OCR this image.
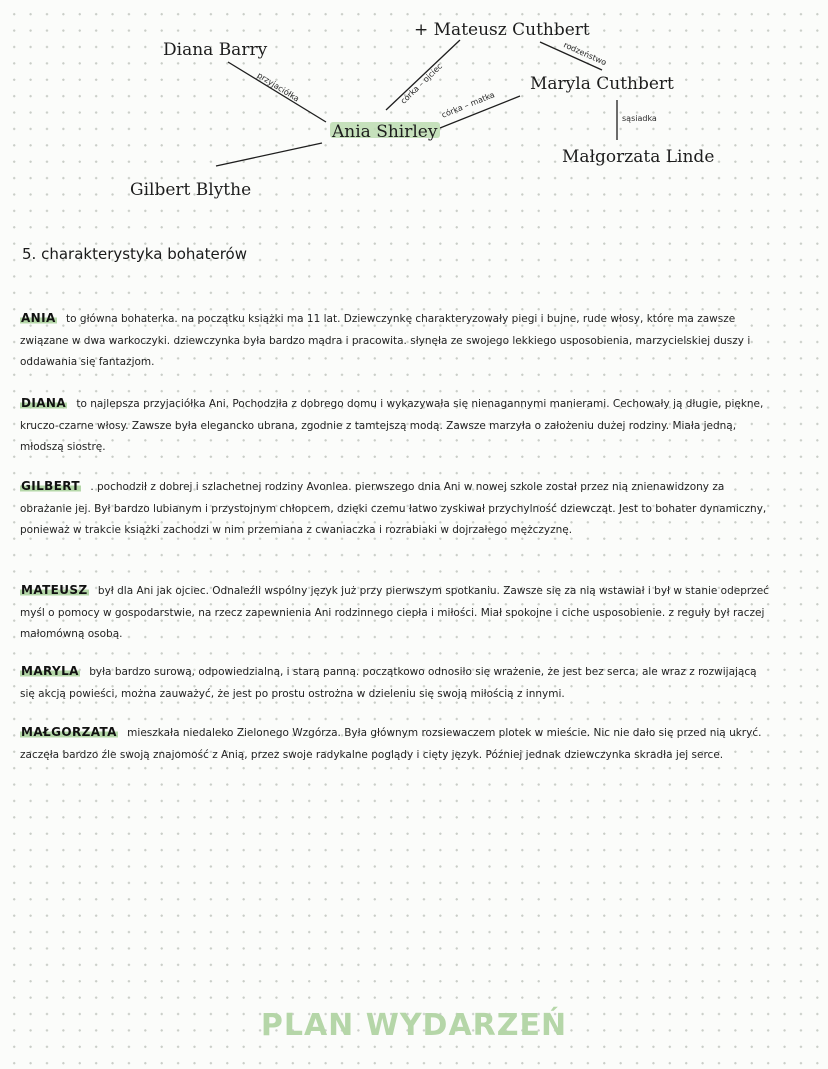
Diana Barry
+ Mateusz Cuthbert
Maryla Cuthbert
Ania Shirley
Małgorzata Linde
Gilbert Blythe
przyjaciółka	córka – ojciec
córka – matka
rodzeństwo
sąsiadka
5. charakterystyka bohaterów
ANIA to główna bohaterka. na początku książki ma 11 lat. Dziewczynkę charakteryzowały piegi i bujne, rude włosy, które ma zawsze związane w dwa warkoczyki. dziewczynka była bardzo mądra i pracowita. słynęła ze swojego lekkiego usposobienia, marzycielskiej duszy i oddawania się fantazjom.
DIANA to najlepsza przyjaciółka Ani. Pochodziła z dobrego domu i wykazywała się nienagannymi manierami. Cechowały ją długie, piękne, kruczo-czarne włosy. Zawsze była elegancko ubrana, zgodnie z tamtejszą modą. Zawsze marzyła o założeniu dużej rodziny. Miała jedną, młodszą siostrę.
GILBERT . pochodził z dobrej i szlachetnej rodziny Avonlea. pierwszego dnia Ani w nowej szkole został przez nią znienawidzony za obrażanie jej. Był bardzo lubianym i przystojnym chłopcem, dzięki czemu łatwo zyskiwał przychylność dziewcząt. Jest to bohater dynamiczny, ponieważ w trakcie książki zachodzi w nim przemiana z cwaniaczka i rozrabiaki w dojrzałego mężczyznę.
MATEUSZ był dla Ani jak ojciec. Odnaleźli wspólny język już przy pierwszym spotkaniu. Zawsze się za nią wstawiał i był w stanie odeprzeć myśl o pomocy w gospodarstwie, na rzecz zapewnienia Ani rodzinnego ciepła i miłości. Miał spokojne i ciche usposobienie. z reguły był raczej małomówną osobą.
MARYLA była bardzo surową, odpowiedzialną, i starą panną. początkowo odnosiło się wrażenie, że jest bez serca, ale wraz z rozwijającą się akcją powieści, można zauważyć, że jest po prostu ostrożna w dzieleniu się swoją miłością z innymi.
MAŁGORZATA mieszkała niedaleko Zielonego Wzgórza. Była głównym rozsiewaczem plotek w mieście. Nic nie dało się przed nią ukryć. zaczęła bardzo źle swoją znajomość z Anią, przez swoje radykalne poglądy i cięty język. Później jednak dziewczynka skradła jej serce.
PLAN WYDARZEŃ
